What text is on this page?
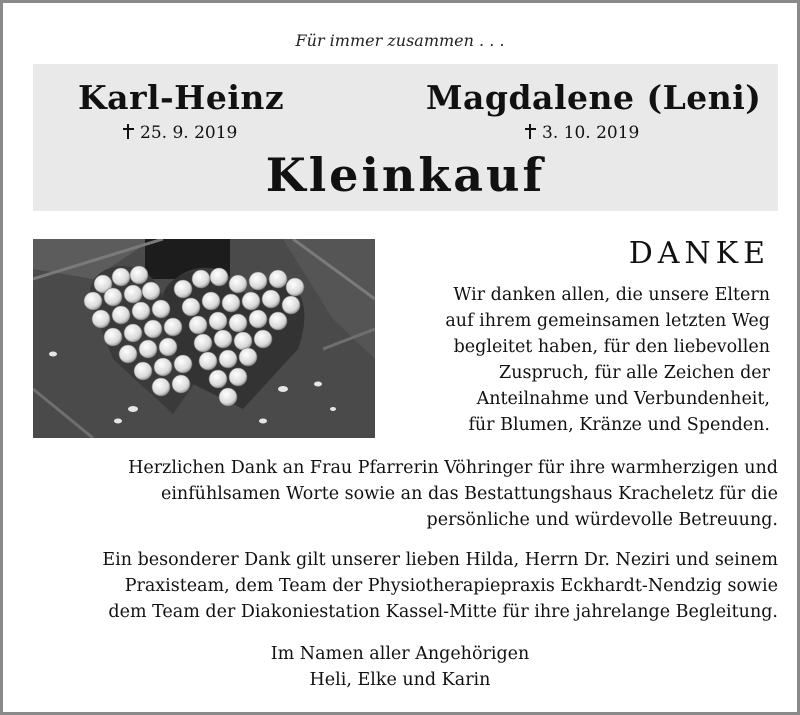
Für immer zusammen . . .
Karl-Heinz	Magdalene (Leni)
25. 9. 2019	3. 10. 2019
Kleinkauf
DANKE
Wir danken allen, die unsere Eltern
auf ihrem gemeinsamen letzten Weg
begleitet haben, für den liebevollen
Zuspruch, für alle Zeichen der
Anteilnahme und Verbundenheit,
für Blumen, Kränze und Spenden.
Herzlichen Dank an Frau Pfarrerin Vöhringer für ihre warmherzigen und
einfühlsamen Worte sowie an das Bestattungshaus Kracheletz für die
persönliche und würdevolle Betreuung.
Ein besonderer Dank gilt unserer lieben Hilda, Herrn Dr. Neziri und seinem
Praxisteam, dem Team der Physiotherapiepraxis Eckhardt-Nendzig sowie
dem Team der Diakoniestation Kassel-Mitte für ihre jahrelange Begleitung.
Im Namen aller Angehörigen
Heli, Elke und Karin
